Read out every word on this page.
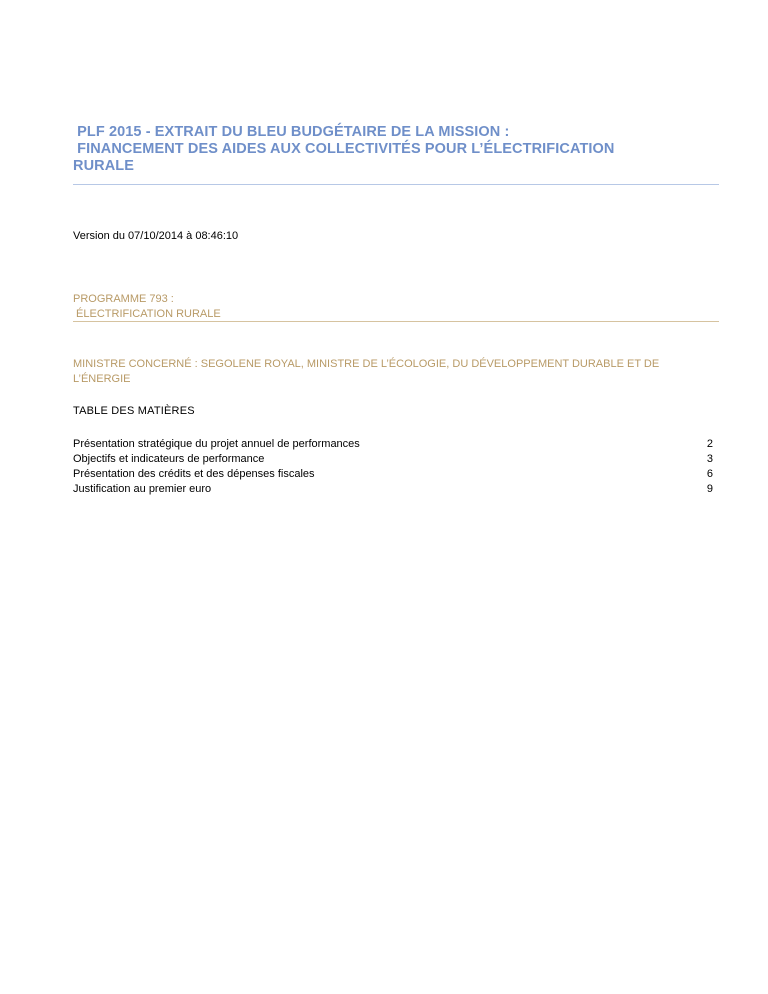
PLF 2015 - EXTRAIT DU BLEU BUDGÉTAIRE DE LA MISSION :
FINANCEMENT DES AIDES AUX COLLECTIVITÉS POUR L’ÉLECTRIFICATION
RURALE
Version du 07/10/2014 à 08:46:10
PROGRAMME 793 :
ÉLECTRIFICATION RURALE
MINISTRE CONCERNÉ : SEGOLENE ROYAL, MINISTRE DE L’ÉCOLOGIE, DU DÉVELOPPEMENT DURABLE ET DE L’ÉNERGIE
TABLE DES MATIÈRES
Présentation stratégique du projet annuel de performances	2
Objectifs et indicateurs de performance	3
Présentation des crédits et des dépenses fiscales	6
Justification au premier euro	9
